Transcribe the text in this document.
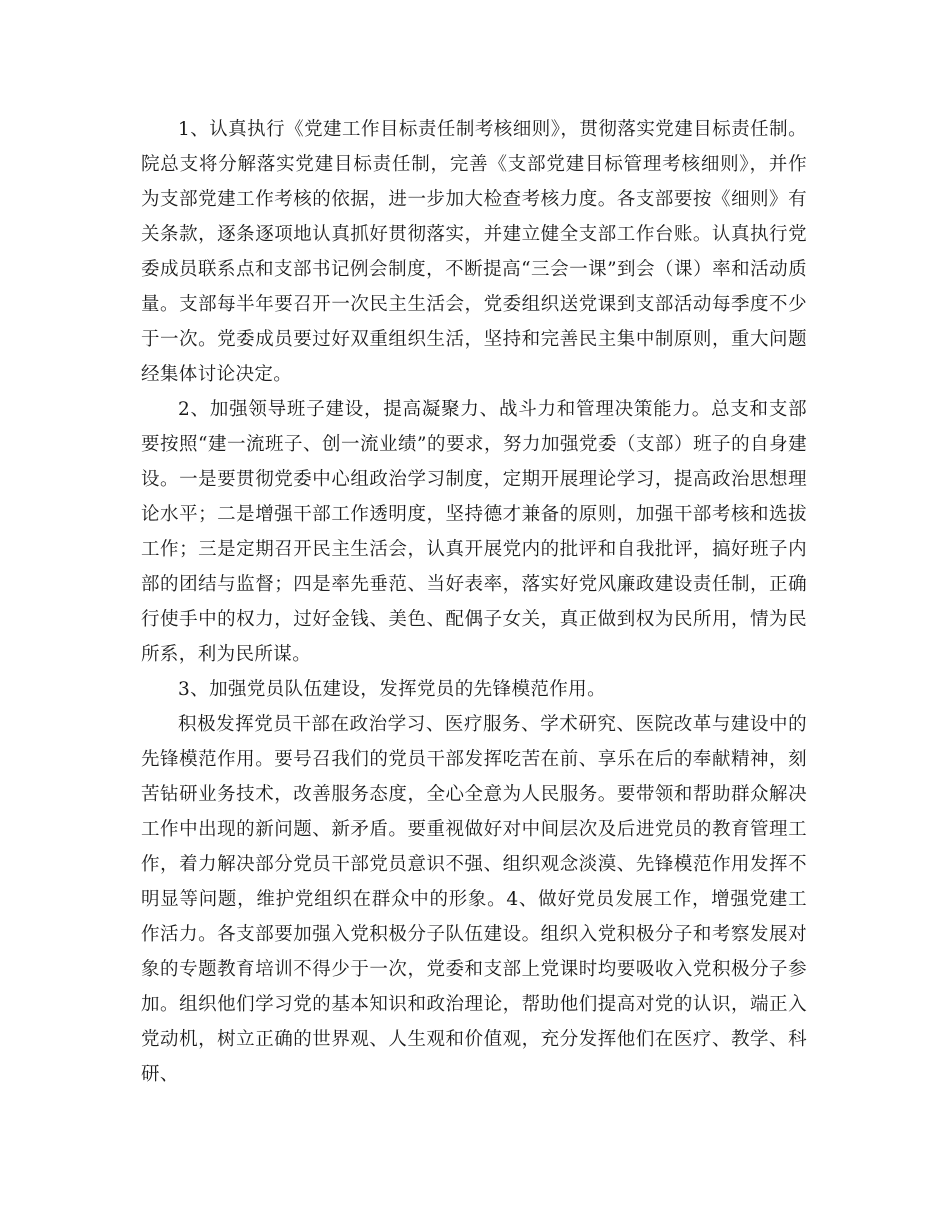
1、认真执行《党建工作目标责任制考核细则》，贯彻落实党建目标责任制。院总支将分解落实党建目标责任制，完善《支部党建目标管理考核细则》，并作为支部党建工作考核的依据，进一步加大检查考核力度。各支部要按《细则》有关条款，逐条逐项地认真抓好贯彻落实，并建立健全支部工作台账。认真执行党委成员联系点和支部书记例会制度，不断提高“三会一课”到会（课）率和活动质量。支部每半年要召开一次民主生活会，党委组织送党课到支部活动每季度不少于一次。党委成员要过好双重组织生活，坚持和完善民主集中制原则，重大问题经集体讨论决定。

2、加强领导班子建设，提高凝聚力、战斗力和管理决策能力。总支和支部要按照“建一流班子、创一流业绩”的要求，努力加强党委（支部）班子的自身建设。一是要贯彻党委中心组政治学习制度，定期开展理论学习，提高政治思想理论水平；二是增强干部工作透明度，坚持德才兼备的原则，加强干部考核和选拔工作；三是定期召开民主生活会，认真开展党内的批评和自我批评，搞好班子内部的团结与监督；四是率先垂范、当好表率，落实好党风廉政建设责任制，正确行使手中的权力，过好金钱、美色、配偶子女关，真正做到权为民所用，情为民所系，利为民所谋。

3、加强党员队伍建设，发挥党员的先锋模范作用。

积极发挥党员干部在政治学习、医疗服务、学术研究、医院改革与建设中的先锋模范作用。要号召我们的党员干部发挥吃苦在前、享乐在后的奉献精神，刻苦钻研业务技术，改善服务态度，全心全意为人民服务。要带领和帮助群众解决工作中出现的新问题、新矛盾。要重视做好对中间层次及后进党员的教育管理工作，着力解决部分党员干部党员意识不强、组织观念淡漠、先锋模范作用发挥不明显等问题，维护党组织在群众中的形象。4、做好党员发展工作，增强党建工作活力。各支部要加强入党积极分子队伍建设。组织入党积极分子和考察发展对象的专题教育培训不得少于一次，党委和支部上党课时均要吸收入党积极分子参加。组织他们学习党的基本知识和政治理论，帮助他们提高对党的认识，端正入党动机，树立正确的世界观、人生观和价值观，充分发挥他们在医疗、教学、科研、
